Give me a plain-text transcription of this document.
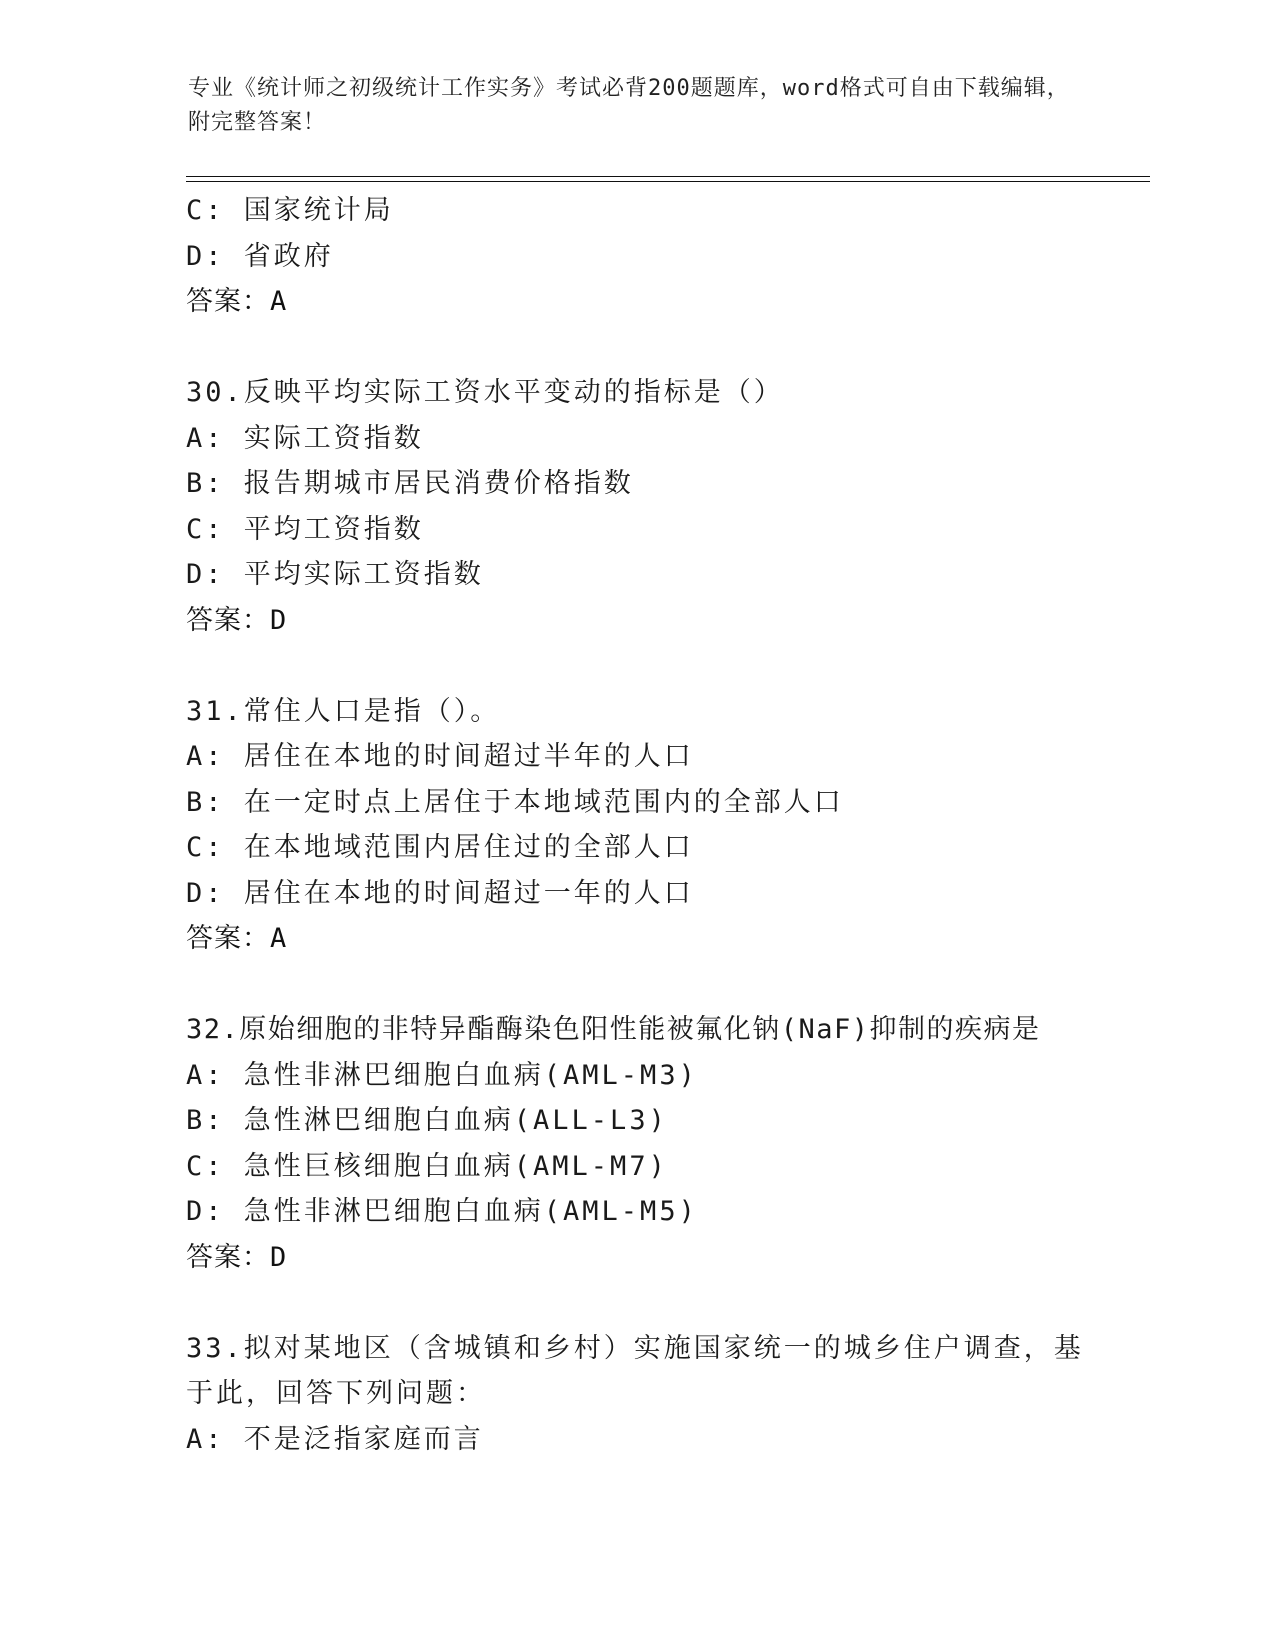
专业《统计师之初级统计工作实务》考试必背200题题库，word格式可自由下载编辑，附完整答案！
C: 国家统计局
D: 省政府
答案：A
30.反映平均实际工资水平变动的指标是（）
A: 实际工资指数
B: 报告期城市居民消费价格指数
C: 平均工资指数
D: 平均实际工资指数
答案：D
31.常住人口是指（）。
A: 居住在本地的时间超过半年的人口
B: 在一定时点上居住于本地域范围内的全部人口
C: 在本地域范围内居住过的全部人口
D: 居住在本地的时间超过一年的人口
答案：A
32.原始细胞的非特异酯酶染色阳性能被氟化钠(NaF)抑制的疾病是
A: 急性非淋巴细胞白血病(AML-M3)
B: 急性淋巴细胞白血病(ALL-L3)
C: 急性巨核细胞白血病(AML-M7)
D: 急性非淋巴细胞白血病(AML-M5)
答案：D
33.拟对某地区（含城镇和乡村）实施国家统一的城乡住户调查，基于此，回答下列问题：
A: 不是泛指家庭而言
